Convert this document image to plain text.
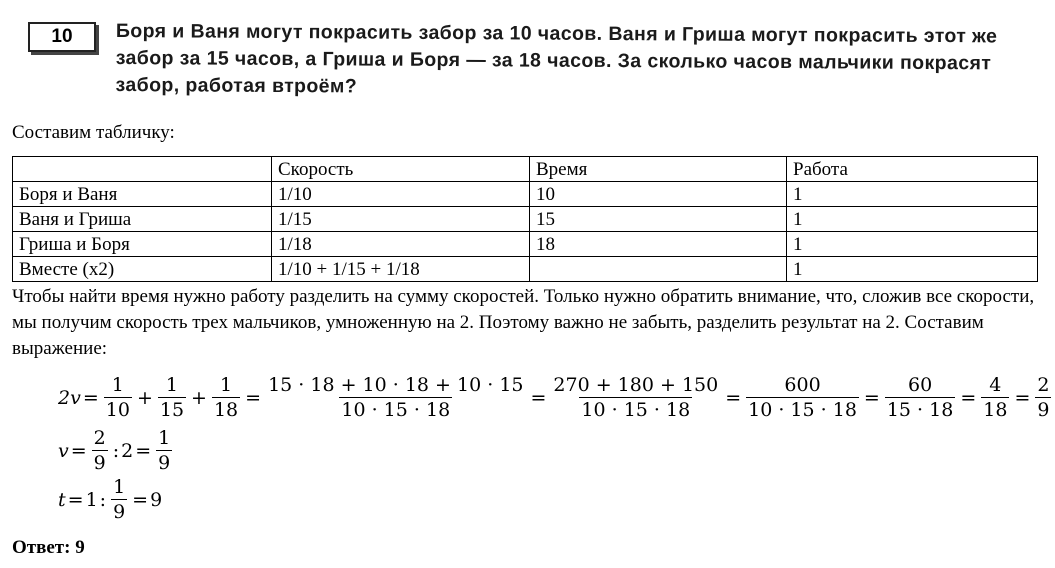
10	Боря и Ваня могут покрасить забор за 10 часов. Ваня и Гриша могут покрасить этот же забор за 15 часов, а Гриша и Боря — за 18 часов. За сколько часов мальчики покрасят забор, работая втроём?
Составим табличку:
	Скорость	Время	Работа
Боря и Ваня	1/10	10	1
Ваня и Гриша	1/15	15	1
Гриша и Боря	1/18	18	1
Вместе (x2)	1/10 + 1/15 + 1/18		1
Чтобы найти время нужно работу разделить на сумму скоростей. Только нужно обратить внимание, что, сложив все скорости, мы получим скорость трех мальчиков, умноженную на 2. Поэтому важно не забыть, разделить результат на 2. Составим выражение:
$2v = \frac{1}{10} + \frac{1}{15} + \frac{1}{18} = \frac{15 \cdot 18 + 10 \cdot 18 + 10 \cdot 15}{10 \cdot 15 \cdot 18} = \frac{270 + 180 + 150}{10 \cdot 15 \cdot 18} = \frac{600}{10 \cdot 15 \cdot 18} = \frac{60}{15 \cdot 18} = \frac{4}{18} = \frac{2}{9}$
$v = \frac{2}{9}$ : $2 = \frac{1}{9}$
t = 1 : $\frac{1}{9} = 9$
Ответ: 9
